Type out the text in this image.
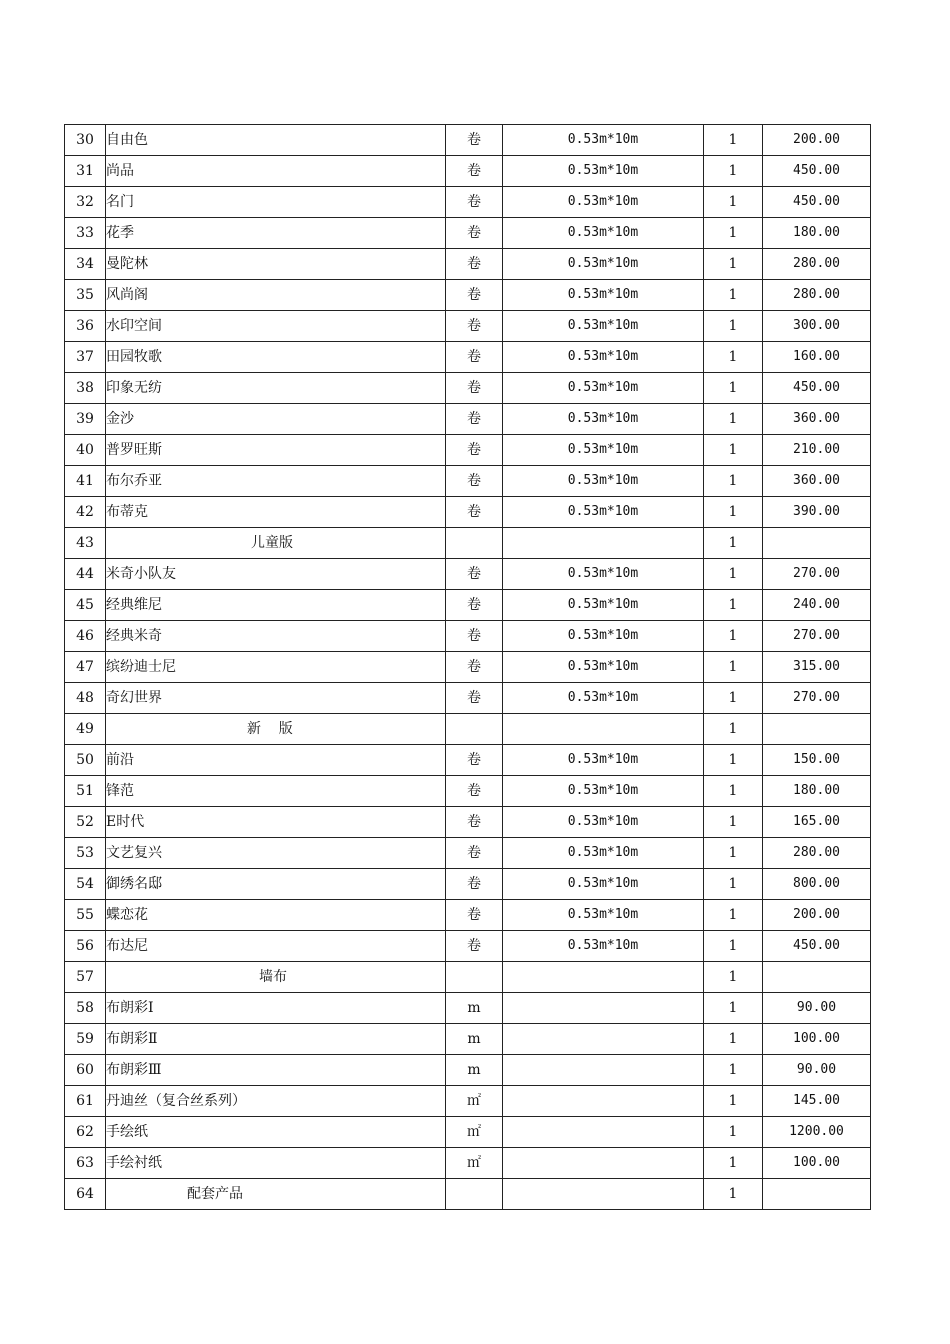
30	自由色	卷	0.53m*10m	1	200.00
31	尚品	卷	0.53m*10m	1	450.00
32	名门	卷	0.53m*10m	1	450.00
33	花季	卷	0.53m*10m	1	180.00
34	曼陀林	卷	0.53m*10m	1	280.00
35	风尚阁	卷	0.53m*10m	1	280.00
36	水印空间	卷	0.53m*10m	1	300.00
37	田园牧歌	卷	0.53m*10m	1	160.00
38	印象无纺	卷	0.53m*10m	1	450.00
39	金沙	卷	0.53m*10m	1	360.00
40	普罗旺斯	卷	0.53m*10m	1	210.00
41	布尔乔亚	卷	0.53m*10m	1	360.00
42	布蒂克	卷	0.53m*10m	1	390.00
43	儿童版			1	
44	米奇小队友	卷	0.53m*10m	1	270.00
45	经典维尼	卷	0.53m*10m	1	240.00
46	经典米奇	卷	0.53m*10m	1	270.00
47	缤纷迪士尼	卷	0.53m*10m	1	315.00
48	奇幻世界	卷	0.53m*10m	1	270.00
49	新    版			1	
50	前沿	卷	0.53m*10m	1	150.00
51	锋范	卷	0.53m*10m	1	180.00
52	E时代	卷	0.53m*10m	1	165.00
53	文艺复兴	卷	0.53m*10m	1	280.00
54	御绣名邸	卷	0.53m*10m	1	800.00
55	蝶恋花	卷	0.53m*10m	1	200.00
56	布达尼	卷	0.53m*10m	1	450.00
57	墙布			1	
58	布朗彩Ⅰ	m		1	90.00
59	布朗彩Ⅱ	m		1	100.00
60	布朗彩Ⅲ	m		1	90.00
61	丹迪丝（复合丝系列）	㎡		1	145.00
62	手绘纸	㎡		1	1200.00
63	手绘衬纸	㎡		1	100.00
64	配套产品			1	
